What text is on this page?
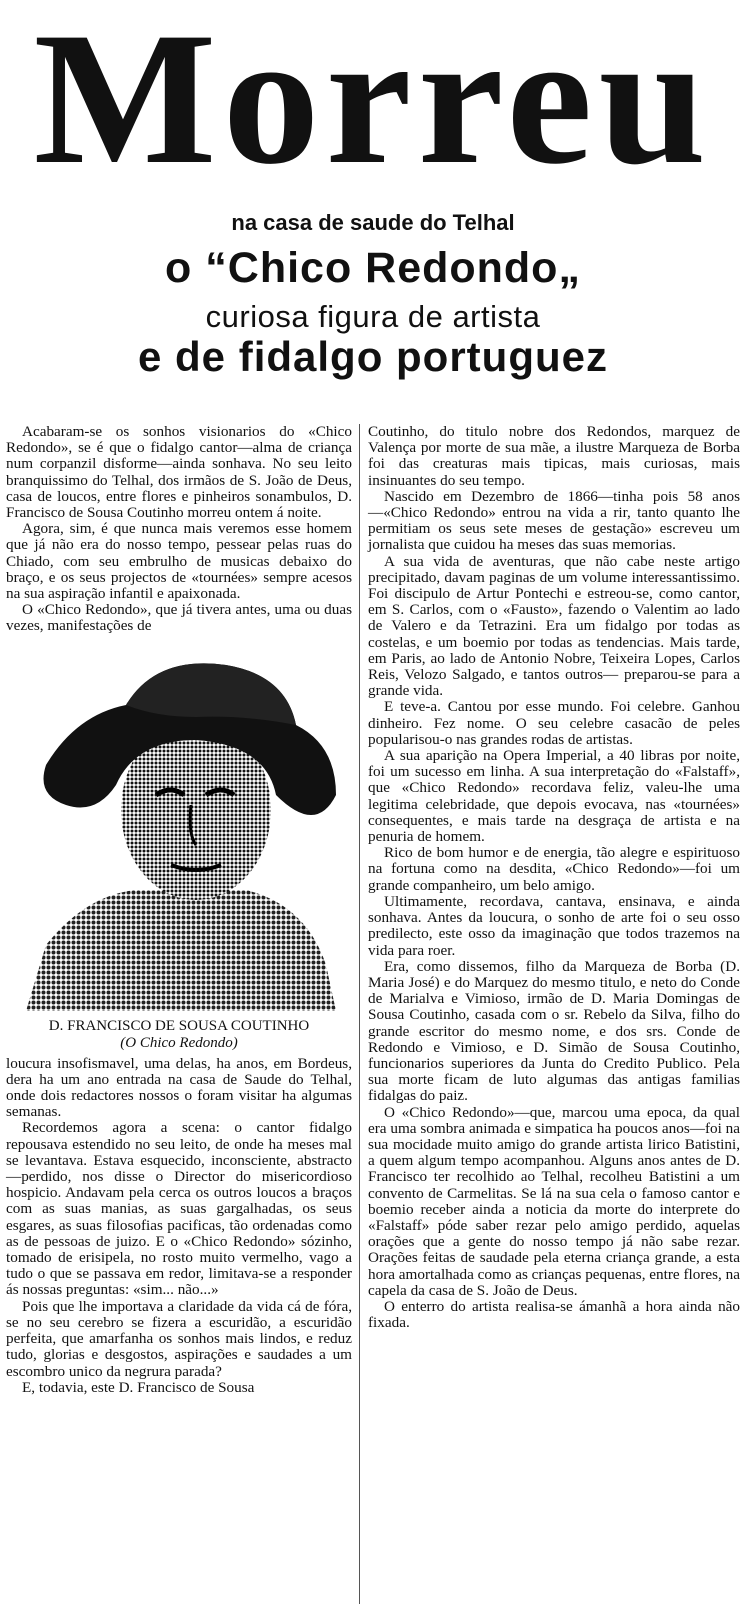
Morreu
na casa de saude do Telhal
o “Chico Redondo„
curiosa figura de artista
e de fidalgo portuguez

Acabaram-se os sonhos visionarios do «Chico Redondo», se é que o fidalgo cantor—alma de criança num corpanzil disforme—ainda sonhava. No seu leito branquissimo do Telhal, dos irmãos de S. João de Deus, casa de loucos, entre flores e pinheiros sonambulos, D. Francisco de Sousa Coutinho morreu ontem á noite.

Agora, sim, é que nunca mais veremos esse homem que já não era do nosso tempo, pessear pelas ruas do Chiado, com seu embrulho de musicas debaixo do braço, e os seus projectos de «tournées» sempre acesos na sua aspiração infantil e apaixonada.

O «Chico Redondo», que já tivera antes, uma ou duas vezes, manifestações de

D. FRANCISCO DE SOUSA COUTINHO
(O Chico Redondo)

loucura insofismavel, uma delas, ha anos, em Bordeus, dera ha um ano entrada na casa de Saude do Telhal, onde dois redactores nossos o foram visitar ha algumas semanas.

Recordemos agora a scena: o cantor fidalgo repousava estendido no seu leito, de onde ha meses mal se levantava. Estava esquecido, inconsciente, abstracto—perdido, nos disse o Director do misericordioso hospicio. Andavam pela cerca os outros loucos a braços com as suas manias, as suas gargalhadas, os seus esgares, as suas filosofias pacificas, tão ordenadas como as de pessoas de juizo. E o «Chico Redondo» sózinho, tomado de erisipela, no rosto muito vermelho, vago a tudo o que se passava em redor, limitava-se a responder ás nossas preguntas: «sim... não...»

Pois que lhe importava a claridade da vida cá de fóra, se no seu cerebro se fizera a escuridão, a escuridão perfeita, que amarfanha os sonhos mais lindos, e reduz tudo, glorias e desgostos, aspirações e saudades a um escombro unico da negrura parada?

E, todavia, este D. Francisco de Sousa

Coutinho, do titulo nobre dos Redondos, marquez de Valença por morte de sua mãe, a ilustre Marqueza de Borba foi das creaturas mais tipicas, mais curiosas, mais insinuantes do seu tempo.

Nascido em Dezembro de 1866—tinha pois 58 anos—«Chico Redondo» entrou na vida a rir, tanto quanto lhe permitiam os seus sete meses de gestação» escreveu um jornalista que cuidou ha meses das suas memorias.

A sua vida de aventuras, que não cabe neste artigo precipitado, davam paginas de um volume interessantissimo. Foi discipulo de Artur Pontechi e estreou-se, como cantor, em S. Carlos, com o «Fausto», fazendo o Valentim ao lado de Valero e da Tetrazini. Era um fidalgo por todas as costelas, e um boemio por todas as tendencias. Mais tarde, em Paris, ao lado de Antonio Nobre, Teixeira Lopes, Carlos Reis, Velozo Salgado, e tantos outros— preparou-se para a grande vida.

E teve-a. Cantou por esse mundo. Foi celebre. Ganhou dinheiro. Fez nome. O seu celebre casacão de peles popularisou-o nas grandes rodas de artistas.

A sua aparição na Opera Imperial, a 40 libras por noite, foi um sucesso em linha. A sua interpretação do «Falstaff», que «Chico Redondo» recordava feliz, valeu-lhe uma legitima celebridade, que depois evocava, nas «tournées» consequentes, e mais tarde na desgraça de artista e na penuria de homem.

Rico de bom humor e de energia, tão alegre e espirituoso na fortuna como na desdita, «Chico Redondo»—foi um grande companheiro, um belo amigo.

Ultimamente, recordava, cantava, ensinava, e ainda sonhava. Antes da loucura, o sonho de arte foi o seu osso predilecto, este osso da imaginação que todos trazemos na vida para roer.

Era, como dissemos, filho da Marqueza de Borba (D. Maria José) e do Marquez do mesmo titulo, e neto do Conde de Marialva e Vimioso, irmão de D. Maria Domingas de Sousa Coutinho, casada com o sr. Rebelo da Silva, filho do grande escritor do mesmo nome, e dos srs. Conde de Redondo e Vimioso, e D. Simão de Sousa Coutinho, funcionarios superiores da Junta do Credito Publico. Pela sua morte ficam de luto algumas das antigas familias fidalgas do paiz.

O «Chico Redondo»—que, marcou uma epoca, da qual era uma sombra animada e simpatica ha poucos anos—foi na sua mocidade muito amigo do grande artista lirico Batistini, a quem algum tempo acompanhou. Alguns anos antes de D. Francisco ter recolhido ao Telhal, recolheu Batistini a um convento de Carmelitas. Se lá na sua cela o famoso cantor e boemio receber ainda a noticia da morte do interprete do «Falstaff» póde saber rezar pelo amigo perdido, aquelas orações que a gente do nosso tempo já não sabe rezar. Orações feitas de saudade pela eterna criança grande, a esta hora amortalhada como as crianças pequenas, entre flores, na capela da casa de S. João de Deus.

O enterro do artista realisa-se ámanhã a hora ainda não fixada.
